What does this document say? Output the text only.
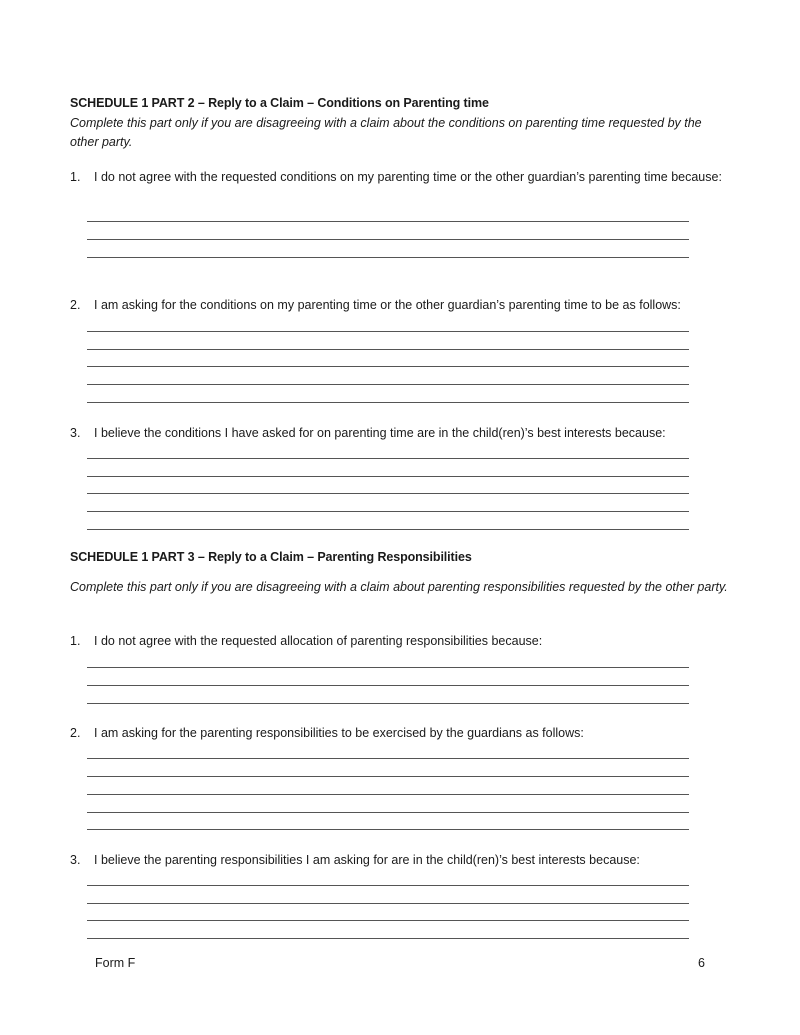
SCHEDULE 1 PART 2 – Reply to a Claim – Conditions on Parenting time
Complete this part only if you are disagreeing with a claim about the conditions on parenting time requested by the other party.
1.	I do not agree with the requested conditions on my parenting time or the other guardian’s parenting time because:
2.	I am asking for the conditions on my parenting time or the other guardian’s parenting time to be as follows:
3.	I believe the conditions I have asked for on parenting time are in the child(ren)’s best interests because:
SCHEDULE 1 PART 3 – Reply to a Claim – Parenting Responsibilities
Complete this part only if you are disagreeing with a claim about parenting responsibilities requested by the other party.
1.	I do not agree with the requested allocation of parenting responsibilities because:
2.	I am asking for the parenting responsibilities to be exercised by the guardians as follows:
3.	I believe the parenting responsibilities I am asking for are in the child(ren)’s best interests because:
Form F	6
